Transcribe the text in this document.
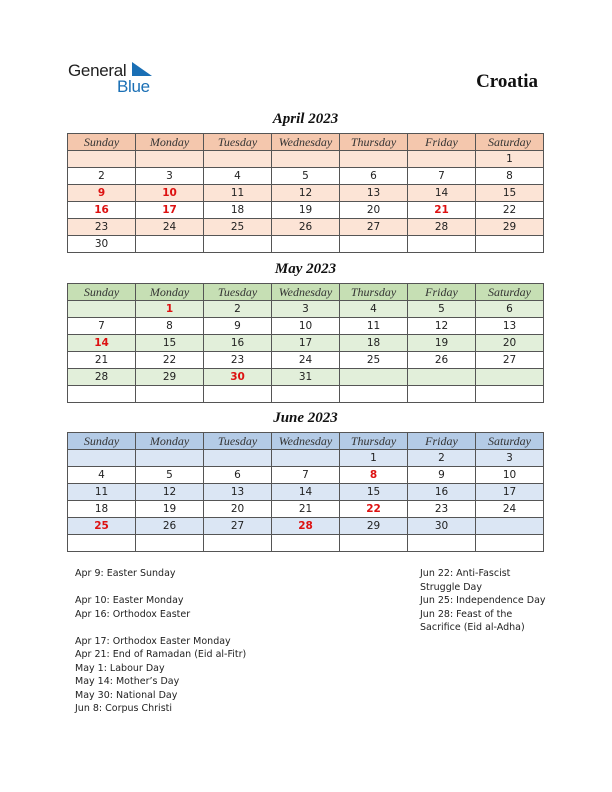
General
Blue	Croatia
April 2023
Sunday	Monday	Tuesday	Wednesday	Thursday	Friday	Saturday
						1
2	3	4	5	6	7	8
9	10	11	12	13	14	15
16	17	18	19	20	21	22
23	24	25	26	27	28	29
30						
May 2023
Sunday	Monday	Tuesday	Wednesday	Thursday	Friday	Saturday
	1	2	3	4	5	6
7	8	9	10	11	12	13
14	15	16	17	18	19	20
21	22	23	24	25	26	27
28	29	30	31			

June 2023
Sunday	Monday	Tuesday	Wednesday	Thursday	Friday	Saturday
				1	2	3
4	5	6	7	8	9	10
11	12	13	14	15	16	17
18	19	20	21	22	23	24
25	26	27	28	29	30	

Apr 9: Easter Sunday

Apr 10: Easter Monday
Apr 16: Orthodox Easter

Apr 17: Orthodox Easter Monday
Apr 21: End of Ramadan (Eid al-Fitr)
May 1: Labour Day
May 14: Mother’s Day
May 30: National Day
Jun 8: Corpus Christi
Jun 22: Anti-Fascist
Struggle Day
Jun 25: Independence Day
Jun 28: Feast of the
Sacrifice (Eid al-Adha)
